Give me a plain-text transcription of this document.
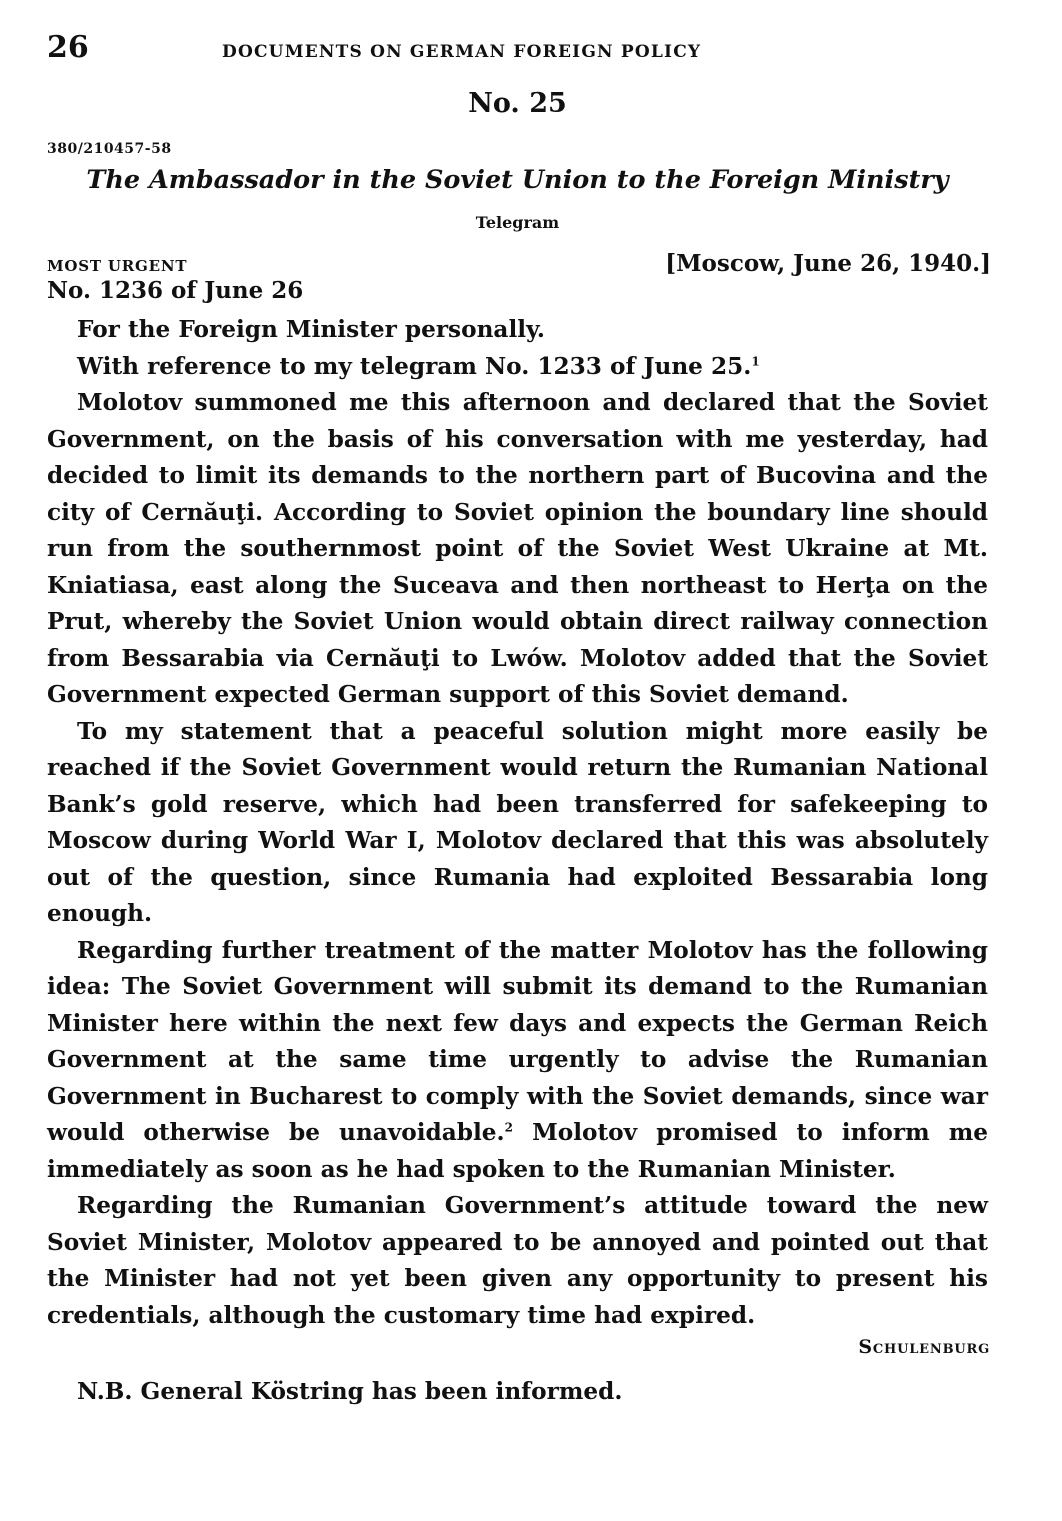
26	DOCUMENTS ON GERMAN FOREIGN POLICY
No. 25
380/210457-58
The Ambassador in the Soviet Union to the Foreign Ministry
Telegram
MOST URGENT	[Moscow, June 26, 1940.]
No. 1236 of June 26

For the Foreign Minister personally.

With reference to my telegram No. 1233 of June 25.$^1$

Molotov summoned me this afternoon and declared that the Soviet Government, on the basis of his conversation with me yesterday, had decided to limit its demands to the northern part of Bucovina and the city of Cernăuţi. According to Soviet opinion the boundary line should run from the southernmost point of the Soviet West Ukraine at Mt. Kniatiasa, east along the Suceava and then northeast to Herţa on the Prut, whereby the Soviet Union would obtain direct railway connection from Bessarabia via Cernăuţi to Lwów. Molotov added that the Soviet Government expected German support of this Soviet demand.

To my statement that a peaceful solution might more easily be reached if the Soviet Government would return the Rumanian National Bank’s gold reserve, which had been transferred for safekeeping to Moscow during World War I, Molotov declared that this was absolutely out of the question, since Rumania had exploited Bessarabia long enough.

Regarding further treatment of the matter Molotov has the following idea: The Soviet Government will submit its demand to the Rumanian Minister here within the next few days and expects the German Reich Government at the same time urgently to advise the Rumanian Government in Bucharest to comply with the Soviet demands, since war would otherwise be unavoidable.$^2$ Molotov promised to inform me immediately as soon as he had spoken to the Rumanian Minister.

Regarding the Rumanian Government’s attitude toward the new Soviet Minister, Molotov appeared to be annoyed and pointed out that the Minister had not yet been given any opportunity to present his credentials, although the customary time had expired.

Schulenburg
N.B. General Köstring has been informed.
